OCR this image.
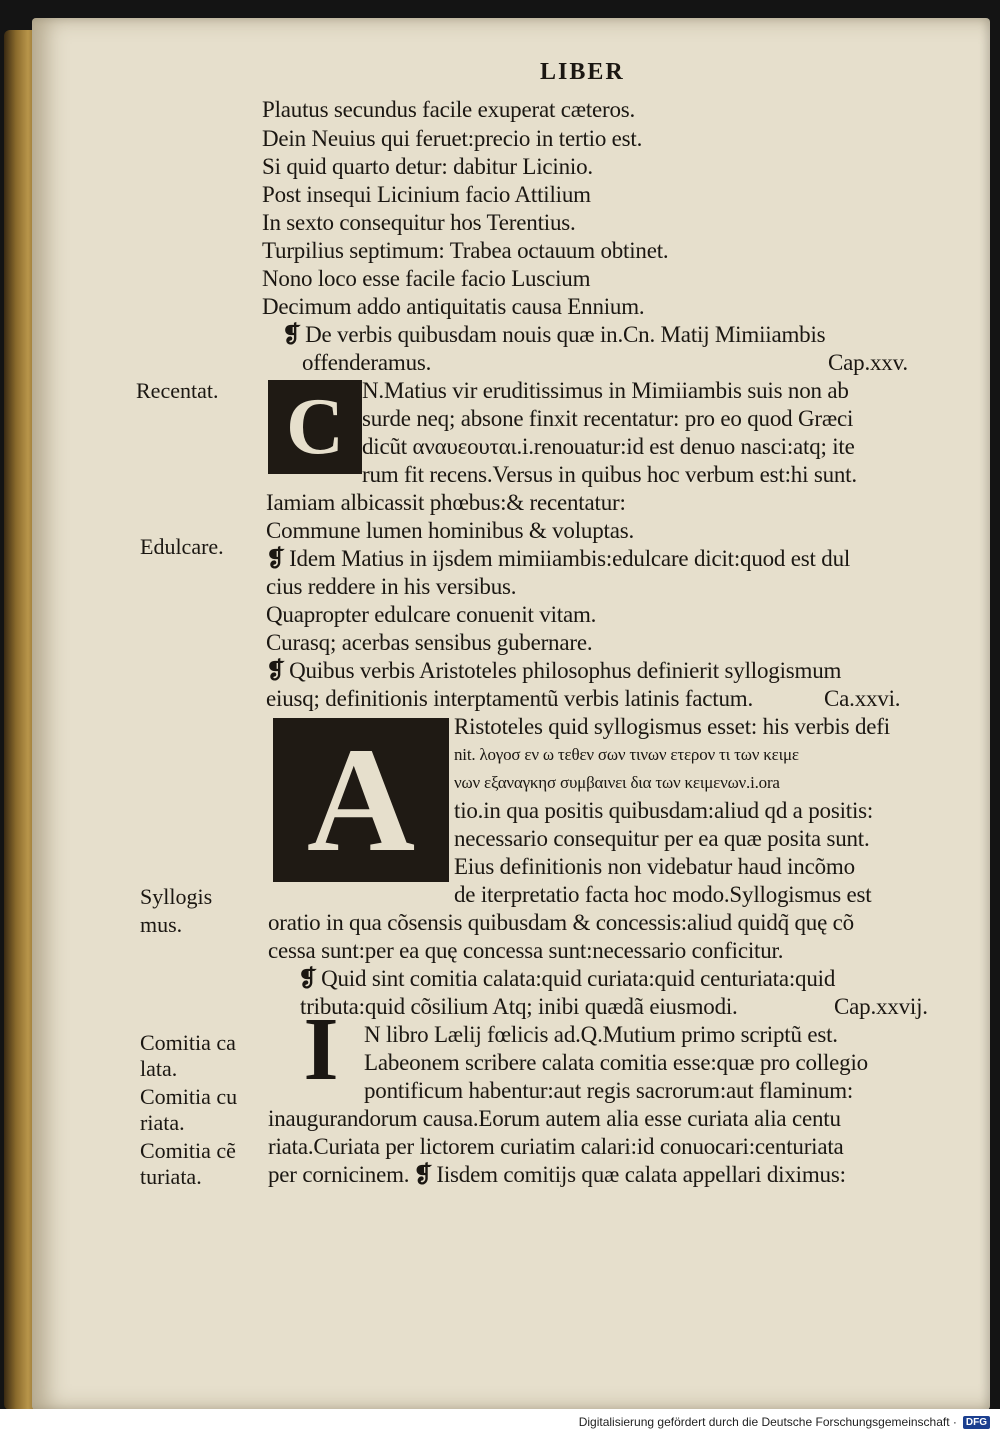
LIBER
Plautus secundus facile exuperat cæteros.
Dein Neuius qui feruet:precio in tertio est.
Si quid quarto detur: dabitur Licinio.
Post insequi Licinium facio Attilium
In sexto consequitur hos Terentius.
Turpilius septimum: Trabea octauum obtinet.
Nono loco esse facile facio Luscium
Decimum addo antiquitatis causa Ennium.
❡ De verbis quibusdam nouis quæ in.Cn. Matij Mimiiambis
offenderamus.	Cap.xxv.
C N.Matius vir eruditissimus in Mimiiambis suis non ab
surde neq; absone finxit recentatur: pro eo quod Græci
dicũt αναυεουται.i.renouatur:id est denuo nasci:atq; ite
rum fit recens.Versus in quibus hoc verbum est:hi sunt.
Iamiam albicassit phœbus:& recentatur:
Commune lumen hominibus & voluptas.
❡ Idem Matius in ijsdem mimiiambis:edulcare dicit:quod est dul
cius reddere in his versibus.
Quapropter edulcare conuenit vitam.
Curasq; acerbas sensibus gubernare.
❡ Quibus verbis Aristoteles philosophus definierit syllogismum
eiusq; definitionis interptamentũ verbis latinis factum.	Ca.xxvi.
A	Ristoteles quid syllogismus esset: his verbis defi
nit. λογοσ εν ω τεθεν σων τινων ετερον τι των κειμε
νων εξαναγκησ συμβαινει δια των κειμενων.i.ora
tio.in qua positis quibusdam:aliud qd a positis:
necessario consequitur per ea quæ posita sunt.
Eius definitionis non videbatur haud incõmo
de iterpretatio facta hoc modo.Syllogismus est
oratio in qua cõsensis quibusdam & concessis:aliud quidq̃ quę cõ
cessa sunt:per ea quę concessa sunt:necessario conficitur.
❡ Quid sint comitia calata:quid curiata:quid centuriata:quid
tributa:quid cõsilium Atq; inibi quædã eiusmodi.	Cap.xxvij.
I	N libro Lælij fœlicis ad.Q.Mutium primo scriptũ est.
Labeonem scribere calata comitia esse:quæ pro collegio
pontificum habentur:aut regis sacrorum:aut flaminum:
inaugurandorum causa.Eorum autem alia esse curiata alia centu
riata.Curiata per lictorem curiatim calari:id conuocari:centuriata
per cornicinem. ❡ Iisdem comitijs quæ calata appellari diximus:
Recentat.
Edulcare.
Syllogis
mus.
Comitia ca
lata.
Comitia cu
riata.
Comitia cẽ
turiata.
Digitalisierung gefördert durch die Deutsche Forschungsgemeinschaft · DFG
